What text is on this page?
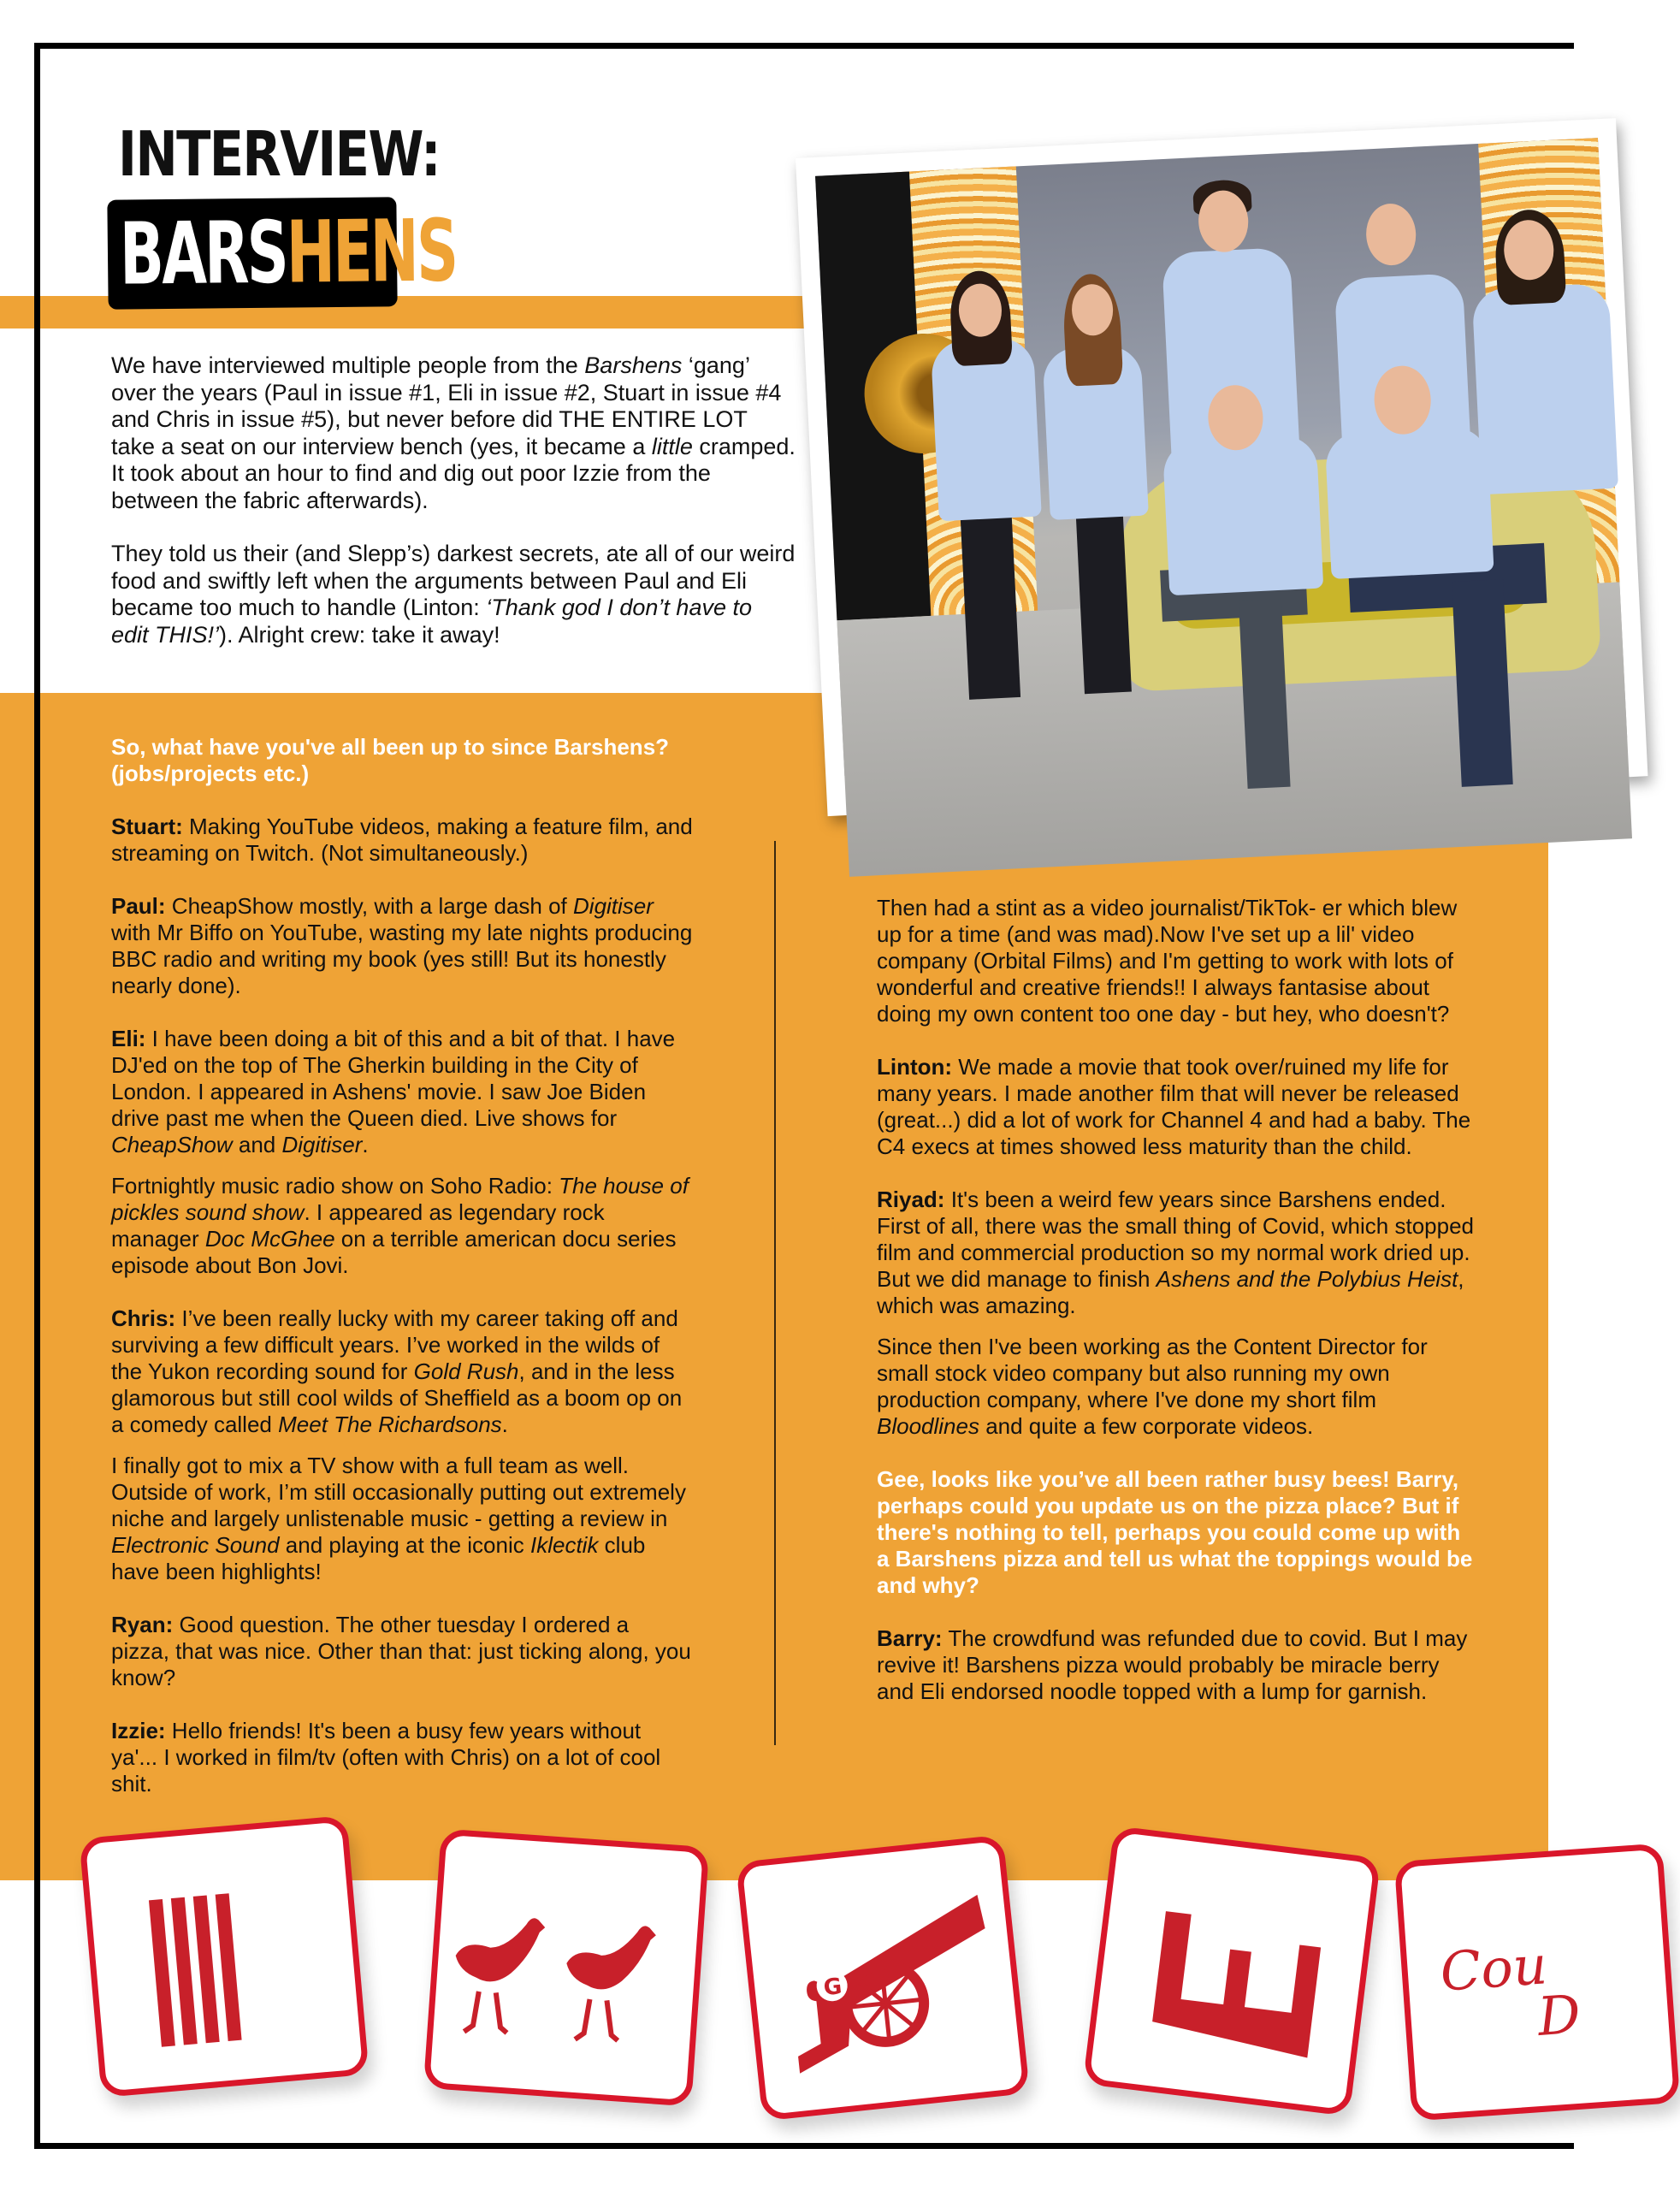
INTERVIEW:
BARSHENS

We have interviewed multiple people from the Barshens ‘gang’ over the years (Paul in issue #1, Eli in issue #2, Stuart in issue #4 and Chris in issue #5), but never before did THE ENTIRE LOT take a seat on our interview bench (yes, it became a little cramped. It took about an hour to find and dig out poor Izzie from the between the fabric afterwards).

They told us their (and Slepp’s) darkest secrets, ate all of our weird food and swiftly left when the arguments between Paul and Eli became too much to handle (Linton: ‘Thank god I don’t have to edit THIS!’). Alright crew: take it away!

So, what have you've all been up to since Barshens? (jobs/projects etc.)

Stuart: Making YouTube videos, making a feature film, and streaming on Twitch. (Not simultaneously.)

Paul: CheapShow mostly, with a large dash of Digitiser with Mr Biffo on YouTube, wasting my late nights producing BBC radio and writing my book (yes still! But its honestly nearly done).

Eli: I have been doing a bit of this and a bit of that. I have DJ'ed on the top of The Gherkin building in the City of London. I appeared in Ashens' movie. I saw Joe Biden drive past me when the Queen died. Live shows for CheapShow and Digitiser.

Fortnightly music radio show on Soho Radio: The house of pickles sound show. I appeared as legendary rock manager Doc McGhee on a terrible american docu series episode about Bon Jovi.

Chris: I’ve been really lucky with my career taking off and surviving a few difficult years. I’ve worked in the wilds of the Yukon recording sound for Gold Rush, and in the less glamorous but still cool wilds of Sheffield as a boom op on a comedy called Meet The Richardsons.

I finally got to mix a TV show with a full team as well. Outside of work, I’m still occasionally putting out extremely niche and largely unlistenable music - getting a review in Electronic Sound and playing at the iconic Iklectik club have been highlights!

Ryan: Good question. The other tuesday I ordered a pizza, that was nice. Other than that: just ticking along, you know?

Izzie: Hello friends! It's been a busy few years without ya'... I worked in film/tv (often with Chris) on a lot of cool shit.

Then had a stint as a video journalist/TikTok- er which blew up for a time (and was mad).Now I've set up a lil' video company (Orbital Films) and I'm getting to work with lots of wonderful and creative friends!! I always fantasise about doing my own content too one day - but hey, who doesn't?

Linton: We made a movie that took over/ruined my life for many years. I made another film that will never be released (great...) did a lot of work for Channel 4 and had a baby. The C4 execs at times showed less maturity than the child.

Riyad: It's been a weird few years since Barshens ended. First of all, there was the small thing of Covid, which stopped film and commercial production so my normal work dried up. But we did manage to finish Ashens and the Polybius Heist, which was amazing.

Since then I've been working as the Content Director for small stock video company but also running my own production company, where I've done my short film Bloodlines and quite a few corporate videos.

Gee, looks like you’ve all been rather busy bees! Barry, perhaps could you update us on the pizza place? But if there's nothing to tell, perhaps you could come up with a Barshens pizza and tell us what the toppings would be and why?

Barry: The crowdfund was refunded due to covid. But I may revive it! Barshens pizza would probably be miracle berry and Eli endorsed noodle topped with a lump for garnish.

G	Cou
D
